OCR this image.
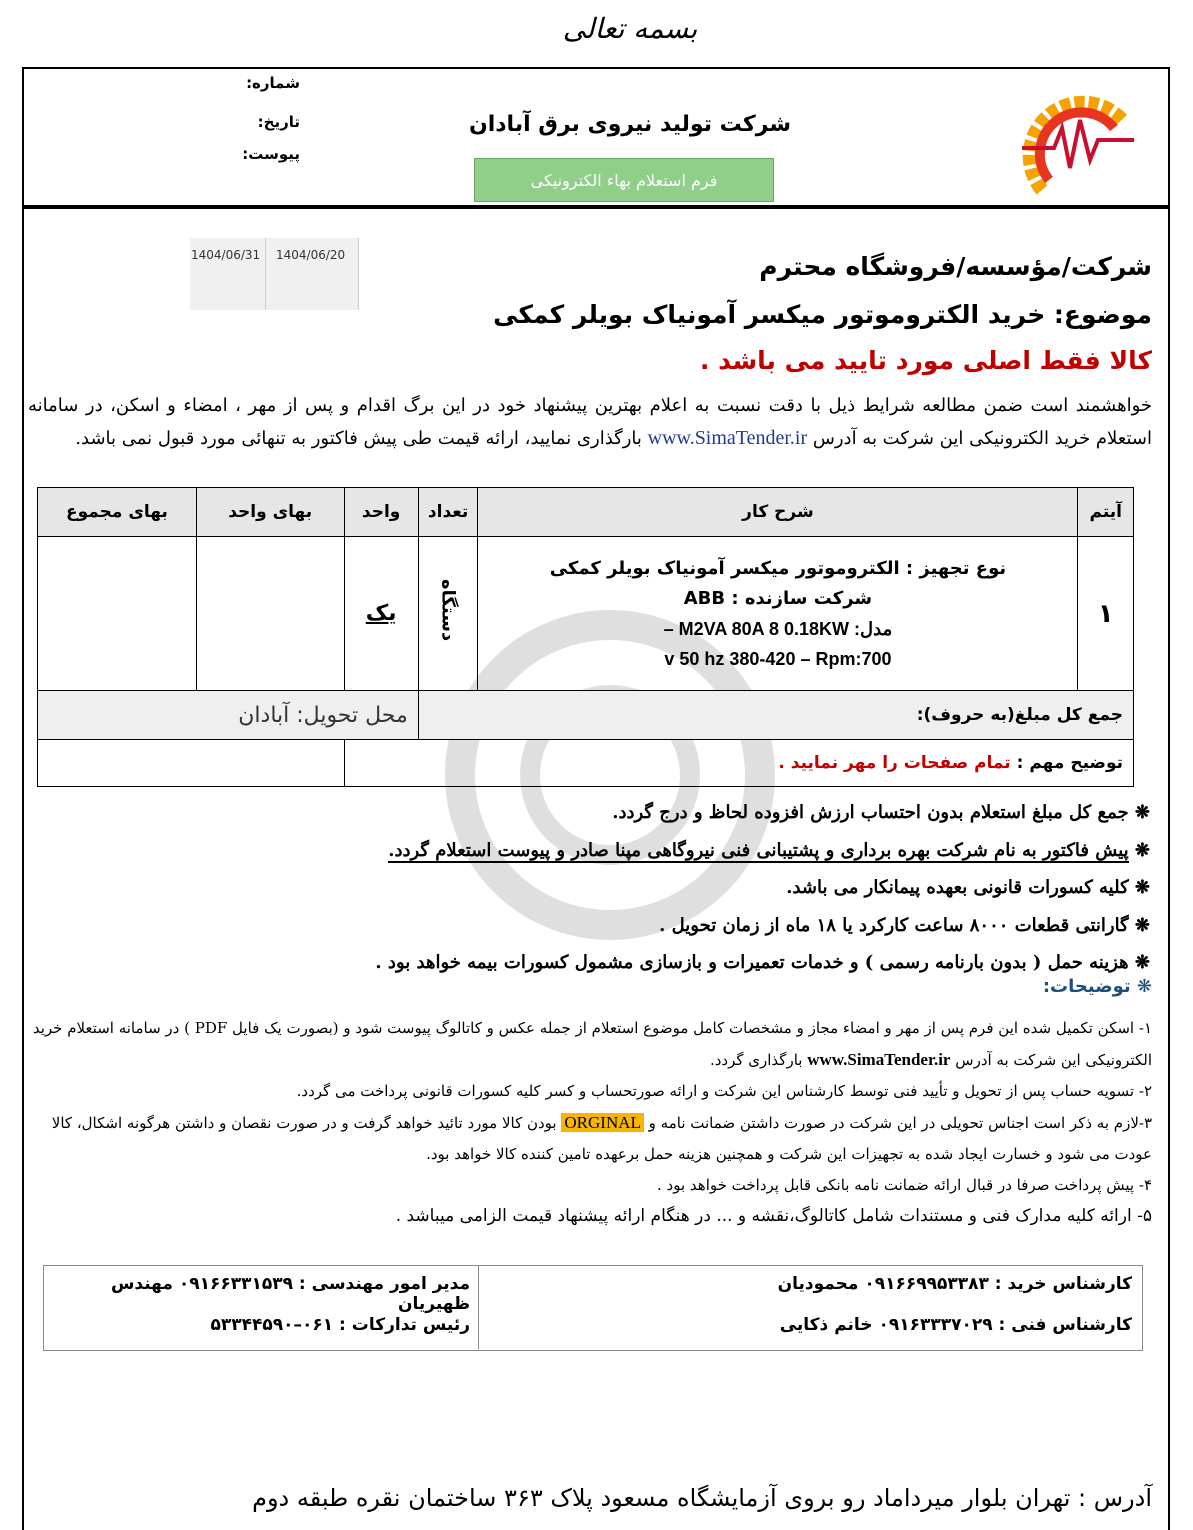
بسمه تعالی
شرکت تولید نیروی برق آبادان
فرم استعلام بهاء الکترونیکی
شماره:
تاریخ:
پیوست:
1404/06/20
1404/06/31	شرکت/مؤسسه/فروشگاه محترم
موضوع: خرید الکتروموتور میکسر آمونیاک بویلر کمکی
کالا فقط اصلی مورد تایید می باشد .
خواهشمند است ضمن مطالعه شرایط ذیل با دقت نسبت به اعلام بهترین پیشنهاد خود در این برگ اقدام و پس از مهر ، امضاء و اسکن، در سامانه استعلام خرید الکترونیکی این شرکت به آدرس www.SimaTender.ir بارگذاری نمایید، ارائه قیمت طی پیش فاکتور به تنهائی مورد قبول نمی باشد.
آیتم	شرح کار	تعداد	واحد	بهای واحد	بهای مجموع
۱	نوع تجهیز : الکتروموتور میکسر آمونیاک بویلر کمکی
شرکت سازنده : ABB
مدل: M2VA 80A 8 0.18KW –
v 50 hz 380-420 – Rpm:700	دستگاه	یک		
جمع کل مبلغ(به حروف):			محل تحویل: آبادان		
توضیح مهم : تمام صفحات را مهر نمایید .					
❋ جمع کل مبلغ استعلام بدون احتساب ارزش افزوده لحاظ و درج گردد.
❋ پیش فاکتور به نام شرکت بهره برداری و پشتیبانی فنی نیروگاهی مپنا صادر و پیوست استعلام گردد.
❋ کلیه کسورات قانونی بعهده پیمانکار می باشد.
❋ گارانتی قطعات ۸۰۰۰ ساعت کارکرد یا ۱۸ ماه از زمان تحویل .
❋ هزینه حمل ( بدون بارنامه رسمی ) و خدمات تعمیرات و بازسازی مشمول کسورات بیمه خواهد بود .
❋ توضیحات:
۱- اسکن تکمیل شده این فرم پس از مهر و امضاء مجاز و مشخصات کامل موضوع استعلام از جمله عکس و کاتالوگ پیوست شود و (بصورت یک فایل PDF ) در سامانه استعلام خرید الکترونیکی این شرکت به آدرس www.SimaTender.ir بارگذاری گردد.
۲- تسویه حساب پس از تحویل و تأیید فنی توسط کارشناس این شرکت و ارائه صورتحساب و کسر کلیه کسورات قانونی پرداخت می گردد.
۳-لازم به ذکر است اجناس تحویلی در این شرکت در صورت داشتن ضمانت نامه و ORGINAL بودن کالا مورد تائید خواهد گرفت و در صورت نقصان و داشتن هرگونه اشکال، کالا عودت می شود و خسارت ایجاد شده به تجهیزات این شرکت و همچنین هزینه حمل برعهده تامین کننده کالا خواهد بود.
۴- پیش پرداخت صرفا در قبال ارائه ضمانت نامه بانکی قابل پرداخت خواهد بود .
۵- ارائه کلیه مدارک فنی و مستندات شامل کاتالوگ،نقشه و ... در هنگام ارائه پیشنهاد قیمت الزامی میباشد .
کارشناس خرید : ۰۹۱۶۶۹۹۵۳۳۸۳ محمودیان
کارشناس فنی : ۰۹۱۶۳۳۳۷۰۲۹ خانم ذکایی
مدیر امور مهندسی : ۰۹۱۶۶۳۳۱۵۳۹ مهندس ظهیریان
رئیس تدارکات : ۰۶۱–۵۳۳۴۴۵۹۰
آدرس : تهران بلوار میرداماد رو بروی آزمایشگاه مسعود پلاک ۳۶۳ ساختمان نقره طبقه دوم
